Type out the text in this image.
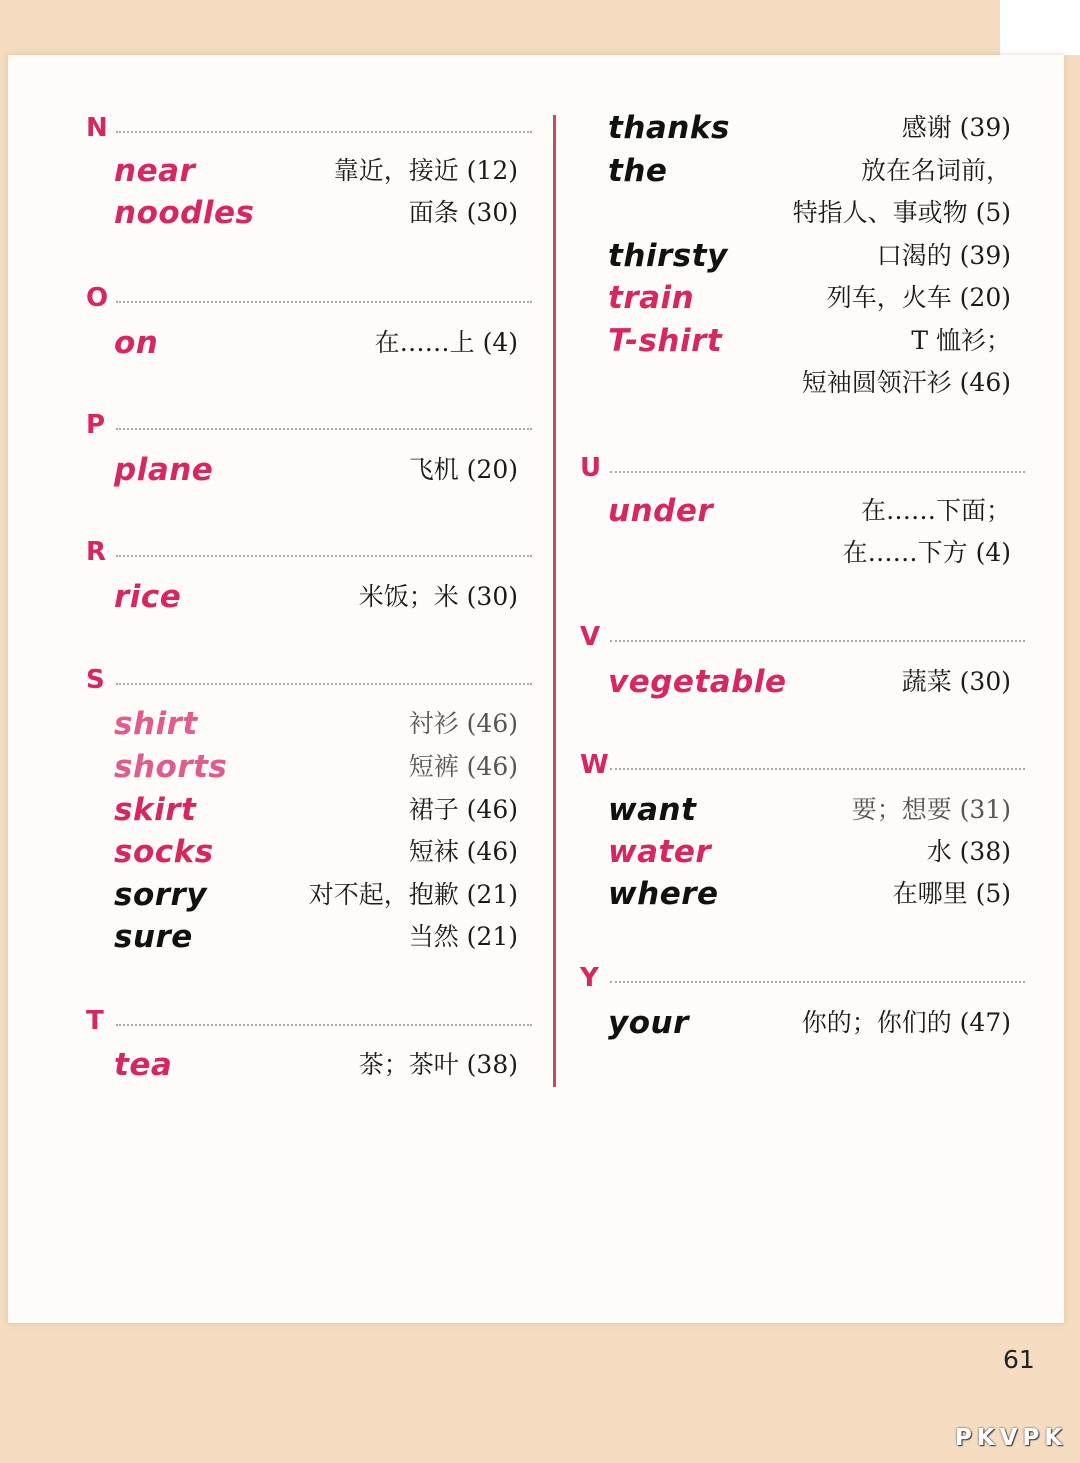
N
near	靠近，接近 (12)
noodles	面条 (30)
O
on	在……上 (4)
P
plane	飞机 (20)
R
rice	米饭；米 (30)
S
shirt	衬衫 (46)
shorts	短裤 (46)
skirt	裙子 (46)
socks	短袜 (46)
sorry	对不起，抱歉 (21)
sure	当然 (21)
T
tea	茶；茶叶 (38)
thanks	感谢 (39)
the	放在名词前，
特指人、事或物 (5)
thirsty	口渴的 (39)
train	列车，火车 (20)
T-shirt	T 恤衫；
短袖圆领汗衫 (46)
U
under	在……下面；
在……下方 (4)
V
vegetable	蔬菜 (30)
W
want	要；想要 (31)
water	水 (38)
where	在哪里 (5)
Y
your	你的；你们的 (47)
61
PKVPK
